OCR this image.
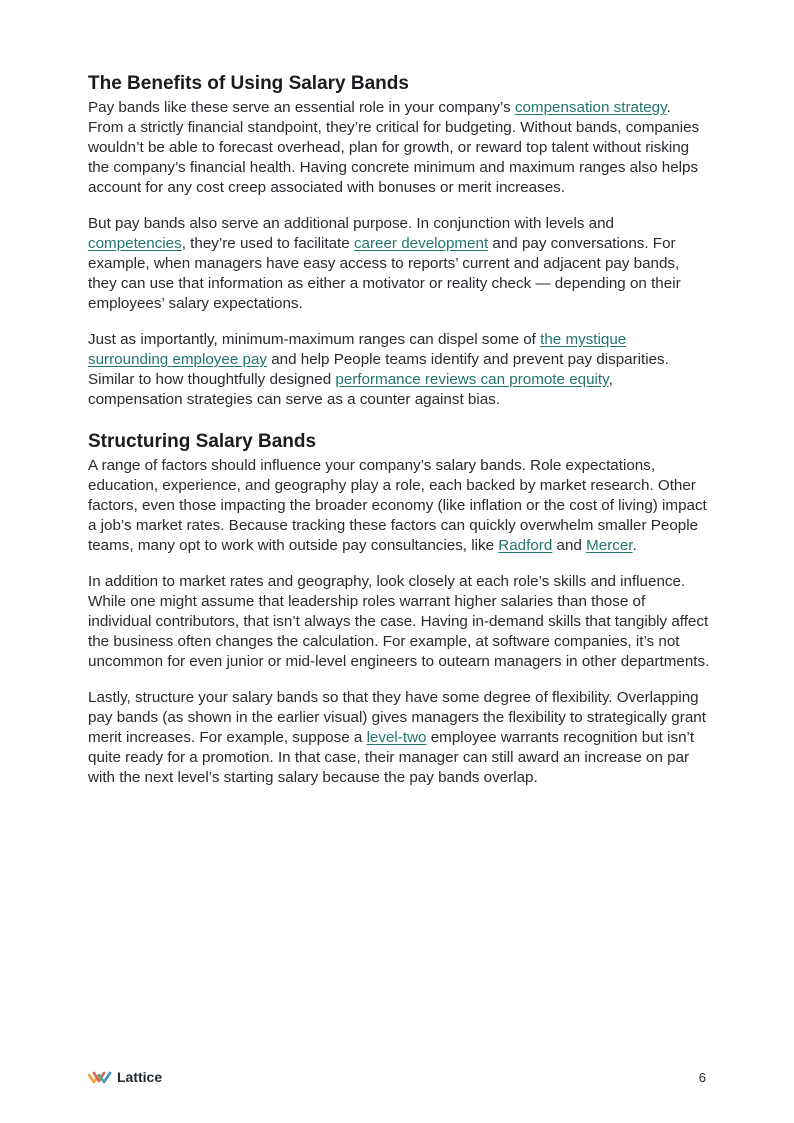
The Benefits of Using Salary Bands

Pay bands like these serve an essential role in your company’s compensation strategy. From a strictly financial standpoint, they’re critical for budgeting. Without bands, companies wouldn’t be able to forecast overhead, plan for growth, or reward top talent without risking the company’s financial health. Having concrete minimum and maximum ranges also helps account for any cost creep associated with bonuses or merit increases.

But pay bands also serve an additional purpose. In conjunction with levels and competencies, they’re used to facilitate career development and pay conversations. For example, when managers have easy access to reports’ current and adjacent pay bands, they can use that information as either a motivator or reality check — depending on their employees’ salary expectations.

Just as importantly, minimum-maximum ranges can dispel some of the mystique surrounding employee pay and help People teams identify and prevent pay disparities. Similar to how thoughtfully designed performance reviews can promote equity, compensation strategies can serve as a counter against bias.

Structuring Salary Bands

A range of factors should influence your company’s salary bands. Role expectations, education, experience, and geography play a role, each backed by market research. Other factors, even those impacting the broader economy (like inflation or the cost of living) impact a job’s market rates. Because tracking these factors can quickly overwhelm smaller People teams, many opt to work with outside pay consultancies, like Radford and Mercer.

In addition to market rates and geography, look closely at each role’s skills and influence. While one might assume that leadership roles warrant higher salaries than those of individual contributors, that isn’t always the case. Having in-demand skills that tangibly affect the business often changes the calculation. For example, at software companies, it’s not uncommon for even junior or mid-level engineers to outearn managers in other departments.

Lastly, structure your salary bands so that they have some degree of flexibility. Overlapping pay bands (as shown in the earlier visual) gives managers the flexibility to strategically grant merit increases. For example, suppose a level-two employee warrants recognition but isn’t quite ready for a promotion. In that case, their manager can still award an increase on par with the next level’s starting salary because the pay bands overlap.

Lattice	6
